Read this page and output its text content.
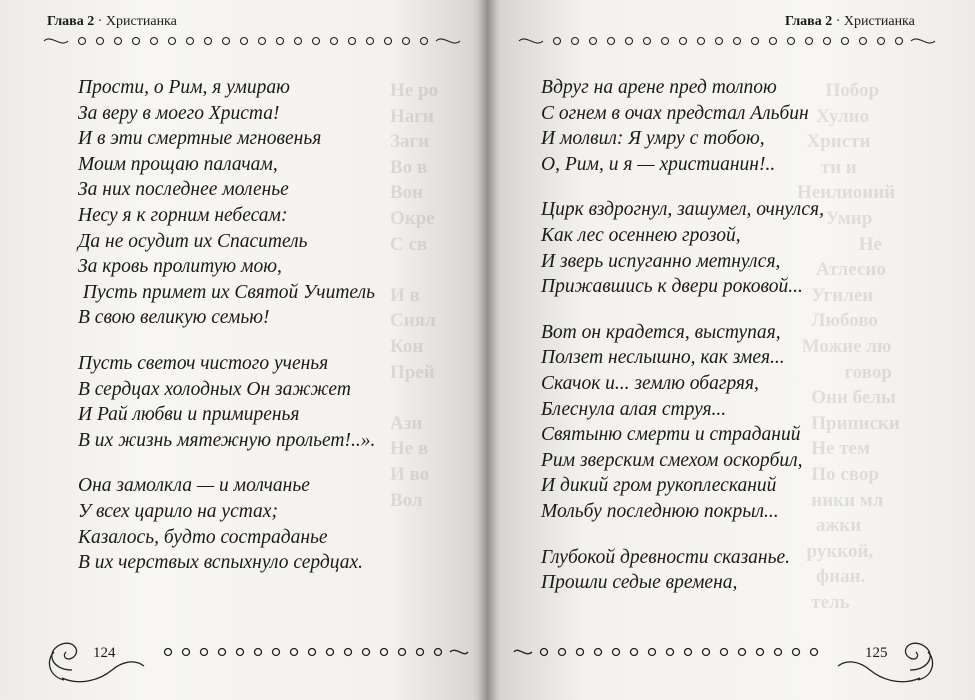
Не ро
Наги
Заги
Во в
Вон
Окре
С св

И в
Сиял
Кон
Прей

Ази
Не в
И во
Вол
Глава 2 · Христианка
Прости, о Рим, я умираю
За веру в моего Христа!
И в эти смертные мгновенья
Моим прощаю палачам,
За них последнее моленье
Несу я к горним небесам:
Да не осудит их Спаситель
За кровь пролитую мою,
Пусть примет их Святой Учитель
В свою великую семью!
Пусть светоч чистого ученья
В сердцах холодных Он зажжет
И Рай любви и примиренья
В их жизнь мятежную прольет!..».
Она замолкла — и молчанье
У всех царило на устах;
Казалось, будто состраданье
В их черствых вспыхнуло сердцах.
124
Побор
Хулио
Христи
ти и
Неилиоиий
Умир
Не
Атлесио
Угилеи
Любово
Можие лю
говор
Они белы
Приписки
Не тем
По свор
ники мл
ажки
руккой,
фиан.
тель
Глава 2 · Христианка
Вдруг на арене пред толпою
С огнем в очах предстал Альбин
И молвил: Я умру с тобою,
О, Рим, и я — христианин!..
Цирк вздрогнул, зашумел, очнулся,
Как лес осеннею грозой,
И зверь испуганно метнулся,
Прижавшись к двери роковой...
Вот он крадется, выступая,
Ползет неслышно, как змея...
Скачок и... землю обагряя,
Блеснула алая струя...
Святыню смерти и страданий
Рим зверским смехом оскорбил,
И дикий гром рукоплесканий
Мольбу последнюю покрыл...
Глубокой древности сказанье.
Прошли седые времена,
125
